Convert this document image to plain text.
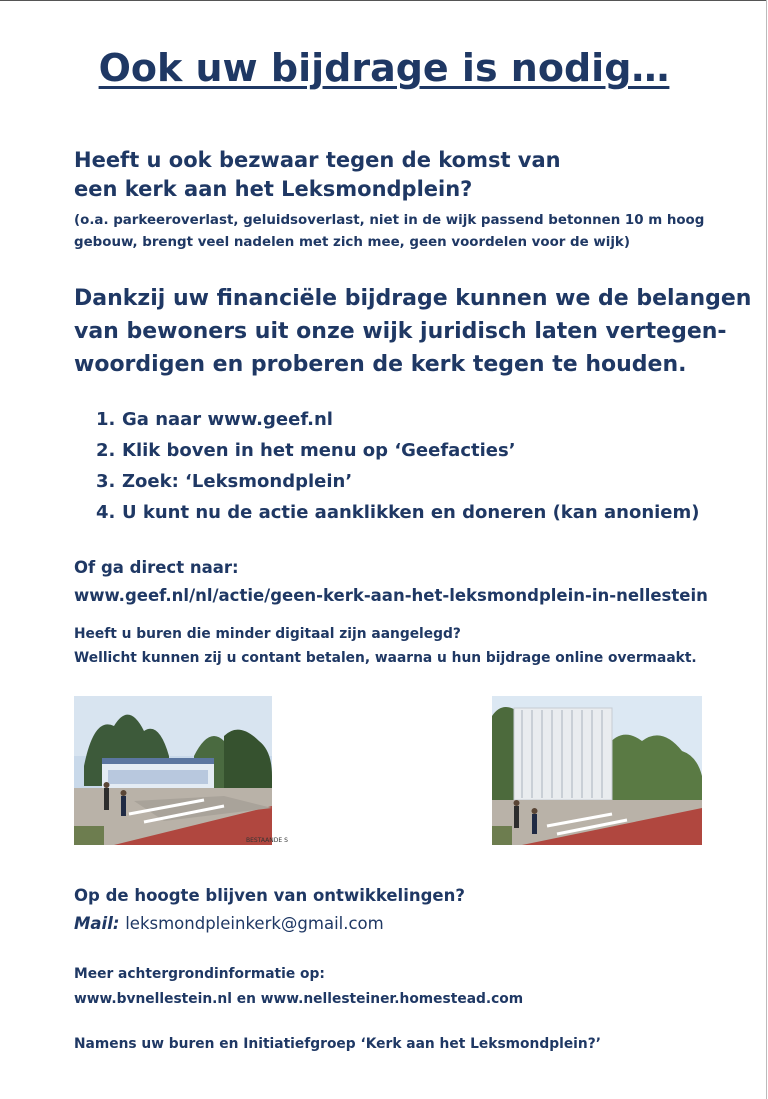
Ook uw bijdrage is nodig…
Heeft u ook bezwaar tegen de komst van
een kerk aan het Leksmondplein?
(o.a. parkeeroverlast, geluidsoverlast, niet in de wijk passend betonnen 10 m hoog
gebouw, brengt veel nadelen met zich mee, geen voordelen voor de wijk)
Dankzij uw financiële bijdrage kunnen we de belangen
van bewoners uit onze wijk juridisch laten vertegen-
woordigen en proberen de kerk tegen te houden.
1. Ga naar www.geef.nl
2. Klik boven in het menu op ‘Geefacties’
3. Zoek: ‘Leksmondplein’
4. U kunt nu de actie aanklikken en doneren (kan anoniem)
Of ga direct naar:
www.geef.nl/nl/actie/geen-kerk-aan-het-leksmondplein-in-nellestein
Heeft u buren die minder digitaal zijn aangelegd?
Wellicht kunnen zij u contant betalen, waarna u hun bijdrage online overmaakt.
BESTAANDE S
Op de hoogte blijven van ontwikkelingen?
Mail: leksmondpleinkerk@gmail.com
Meer achtergrondinformatie op:
www.bvnellestein.nl en www.nellesteiner.homestead.com
Namens uw buren en Initiatiefgroep ‘Kerk aan het Leksmondplein?’
